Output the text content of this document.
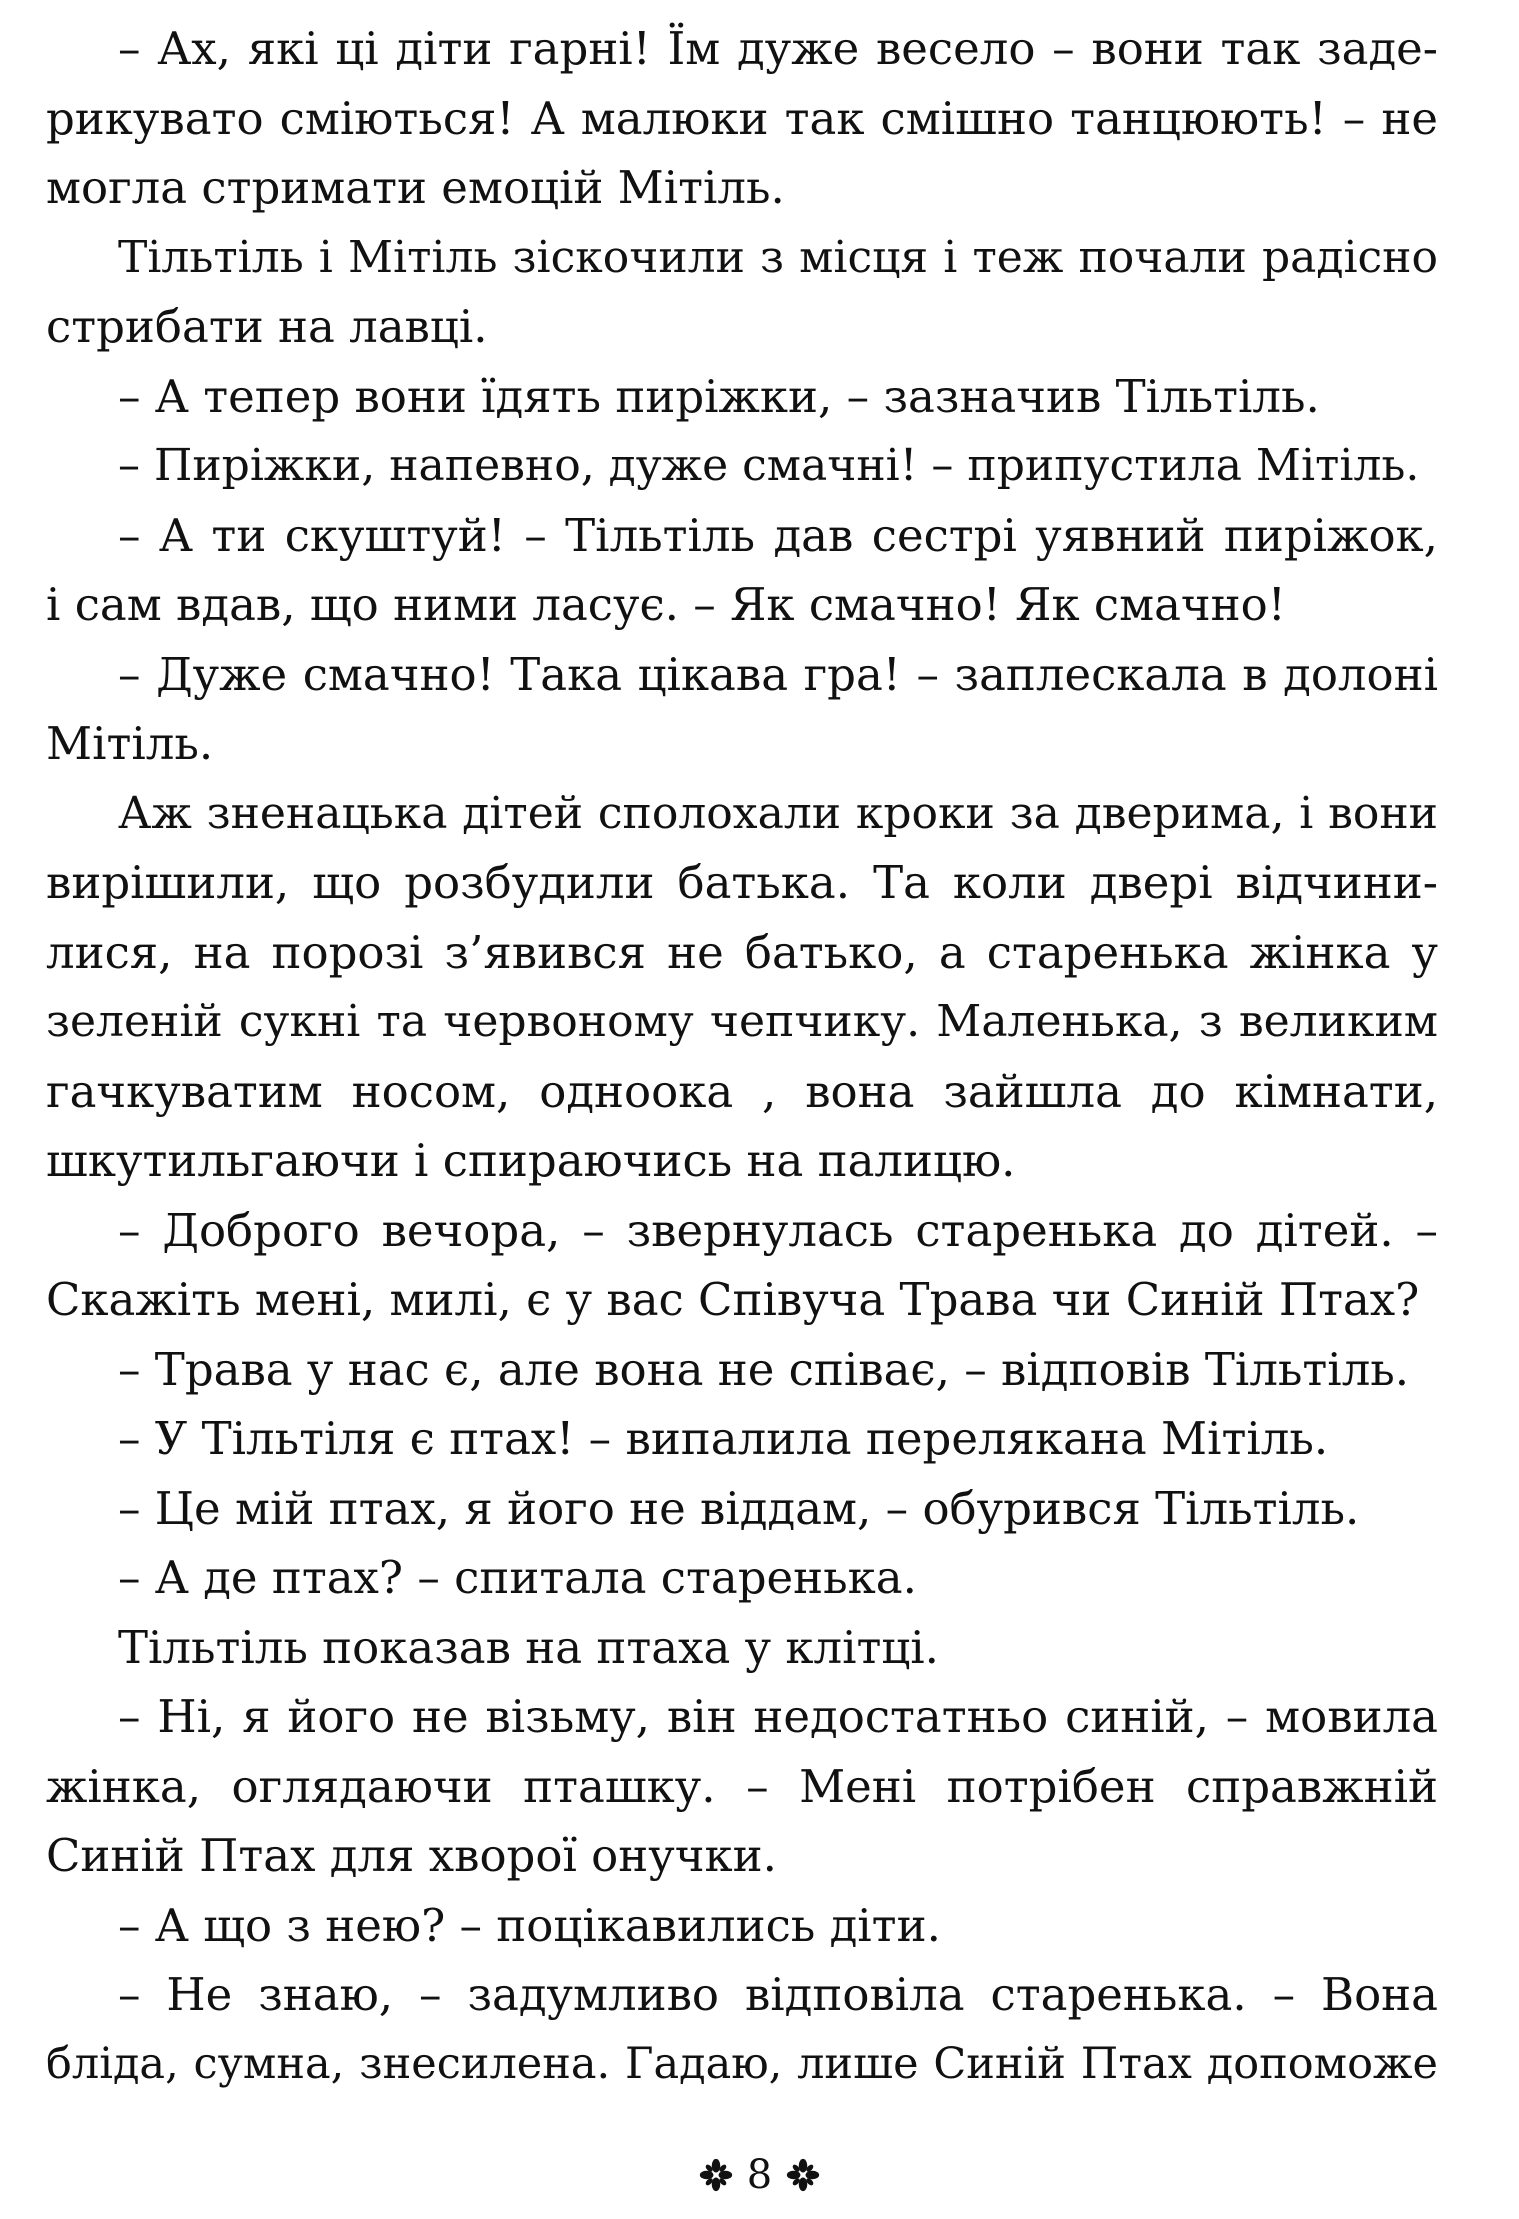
– Ах, які ці діти гарні! Їм дуже весело – вони так заде-
рикувато сміються! А малюки так смішно танцюють! – не
могла стримати емоцій Мітіль.
Тільтіль і Мітіль зіскочили з місця і теж почали радісно
стрибати на лавці.
– А тепер вони їдять пиріжки, – зазначив Тільтіль.
– Пиріжки, напевно, дуже смачні! – припустила Мітіль.
– А ти скуштуй! – Тільтіль дав сестрі уявний пиріжок,
і сам вдав, що ними ласує. – Як смачно! Як смачно!
– Дуже смачно! Така цікава гра! – заплескала в долоні
Мітіль.
Аж зненацька дітей сполохали кроки за дверима, і вони
вирішили, що розбудили батька. Та коли двері відчини-
лися, на порозі з’явився не батько, а старенька жінка у
зеленій сукні та червоному чепчику. Маленька, з великим
гачкуватим носом, одноока , вона зайшла до кімнати,
шкутильгаючи і спираючись на палицю.
– Доброго вечора, – звернулась старенька до дітей. –
Скажіть мені, милі, є у вас Співуча Трава чи Синій Птах?
– Трава у нас є, але вона не співає, – відповів Тільтіль.
– У Тільтіля є птах! – випалила перелякана Мітіль.
– Це мій птах, я його не віддам, – обурився Тільтіль.
– А де птах? – спитала старенька.
Тільтіль показав на птаха у клітці.
– Ні, я його не візьму, він недостатньо синій, – мовила
жінка, оглядаючи пташку. – Мені потрібен справжній
Синій Птах для хворої онучки.
– А що з нею? – поцікавились діти.
– Не знаю, – задумливо відповіла старенька. – Вона
бліда, сумна, знесилена. Гадаю, лише Синій Птах допоможе
8
